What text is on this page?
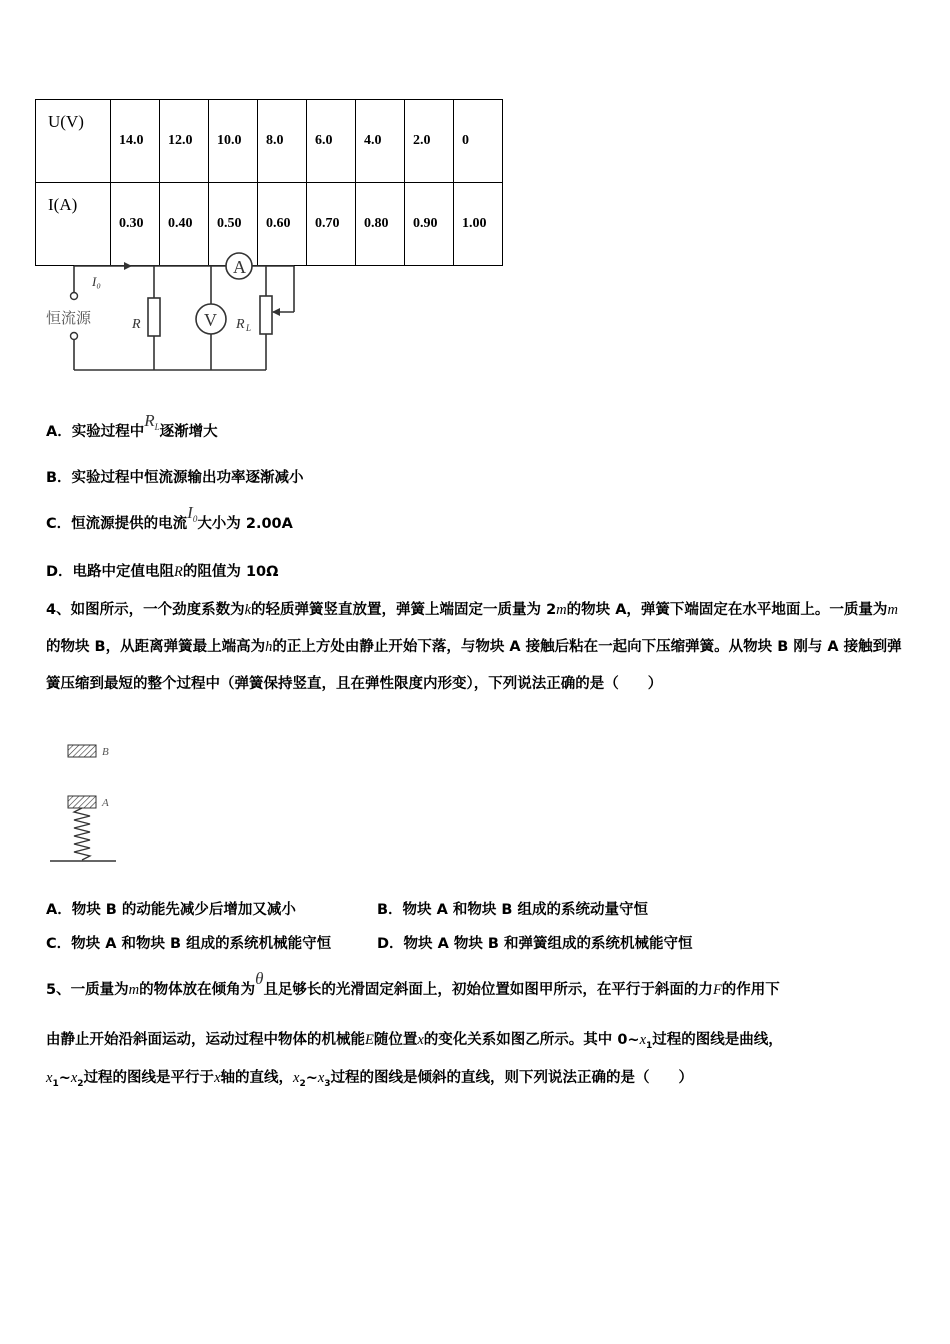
U(V)	14.0	12.0	10.0	8.0	6.0	4.0	2.0	0
I(A)	0.30	0.40	0.50	0.60	0.70	0.80	0.90	1.00
A
V
I₀
恒流源	R	R L
A．实验过程中$R^L$逐渐增大
B．实验过程中恒流源输出功率逐渐减小
C．恒流源提供的电流$I^0$大小为 2.00A
D．电路中定值电阻R的阻值为 10Ω
4、如图所示，一个劲度系数为k的轻质弹簧竖直放置，弹簧上端固定一质量为 2m的物块 A，弹簧下端固定在水平地面上。一质量为m的物块 B，从距离弹簧最上端高为h的正上方处由静止开始下落，与物块 A 接触后粘在一起向下压缩弹簧。从物块 B 刚与 A 接触到弹簧压缩到最短的整个过程中（弹簧保持竖直，且在弹性限度内形变），下列说法正确的是（　　）
B
A
A．物块 B 的动能先减少后增加又减小	B．物块 A 和物块 B 组成的系统动量守恒
C．物块 A 和物块 B 组成的系统机械能守恒	D．物块 A 物块 B 和弹簧组成的系统机械能守恒
5、一质量为m的物体放在倾角为θ且足够长的光滑固定斜面上，初始位置如图甲所示，在平行于斜面的力F的作用下
由静止开始沿斜面运动，运动过程中物体的机械能E随位置x的变化关系如图乙所示。其中 $0\sim x_1$过程的图线是曲线，
$x_1\sim x_2$过程的图线是平行于x轴的直线，$x_2\sim x_3$过程的图线是倾斜的直线，则下列说法正确的是（　　）
